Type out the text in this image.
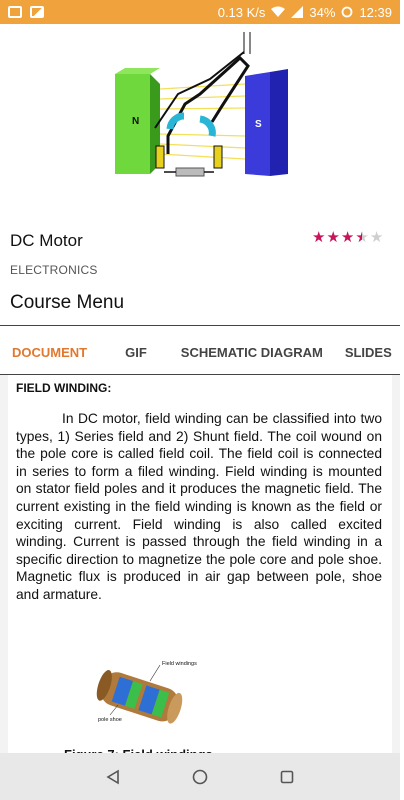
0.13 K/s	34% 12:39
N	S
DC Motor	★ ★ ★ ★ ★
ELECTRONICS
Course Menu
DOCUMENT	GIF	SCHEMATIC DIAGRAM	SLIDES
FIELD WINDING:
In DC motor, field winding can be classified into two types, 1) Series field and 2) Shunt field. The coil wound on the pole core is called field coil. The field coil is connected in series to form a filed winding. Field winding is mounted on stator field poles and it produces the magnetic field. The current existing in the field winding is known as the field or exciting current. Field winding is also called excited winding. Current is passed through the field winding in a specific direction to magnetize the pole core and pole shoe. Magnetic flux is produced in air gap between pole, shoe and armature.
Field windings
pole shoe
